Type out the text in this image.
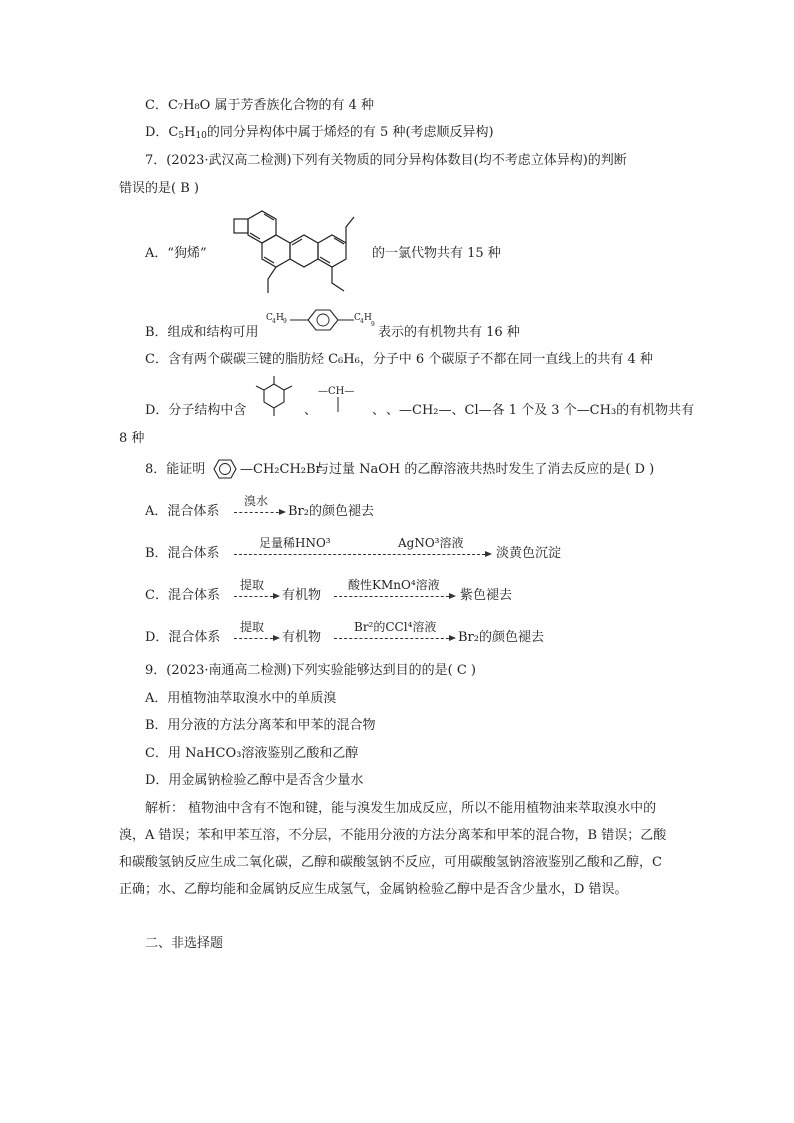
C．C₇H₈O 属于芳香族化合物的有 4 种
D．$C_5H_{10}$的同分异构体中属于烯烃的有 5 种(考虑顺反异构)
7．(2023·武汉高二检测)下列有关物质的同分异构体数目(均不考虑立体异构)的判断
错误的是( B )
A．“狗烯”	的一氯代物共有 15 种
B．组成和结构可用
C 4 H 9	C 4 H
9
表示的有机物共有 16 种
C．含有两个碳碳三键的脂肪烃 C₆H₆，分子中 6 个碳原子不都在同一直线上的共有 4 种
D．分子结构中含	、
—CH—
、 、—CH₂—、Cl—各 1 个及 3 个—CH₃的有机物共有
8 种
8．能证明	—CH₂CH₂Br
与过量 NaOH 的乙醇溶液共热时发生了消去反应的是( D )
A．混合体系
溴水
Br₂的颜色褪去
B．混合体系
足量稀HNO³	AgNO³溶液
淡黄色沉淀
C．混合体系
提取
有机物
酸性KMnO⁴溶液
紫色褪去
D．混合体系
提取
有机物
Br²的CCl⁴溶液
Br₂的颜色褪去
9．(2023·南通高二检测)下列实验能够达到目的的是( C )
A．用植物油萃取溴水中的单质溴
B．用分液的方法分离苯和甲苯的混合物
C．用 NaHCO₃溶液鉴别乙酸和乙醇
D．用金属钠检验乙醇中是否含少量水
解析： 植物油中含有不饱和键，能与溴发生加成反应，所以不能用植物油来萃取溴水中的溴，A 错误；苯和甲苯互溶，不分层，不能用分液的方法分离苯和甲苯的混合物，B 错误；乙酸和碳酸氢钠反应生成二氧化碳，乙醇和碳酸氢钠不反应，可用碳酸氢钠溶液鉴别乙酸和乙醇，C 正确；水、乙醇均能和金属钠反应生成氢气，金属钠检验乙醇中是否含少量水，D 错误。
二、非选择题
